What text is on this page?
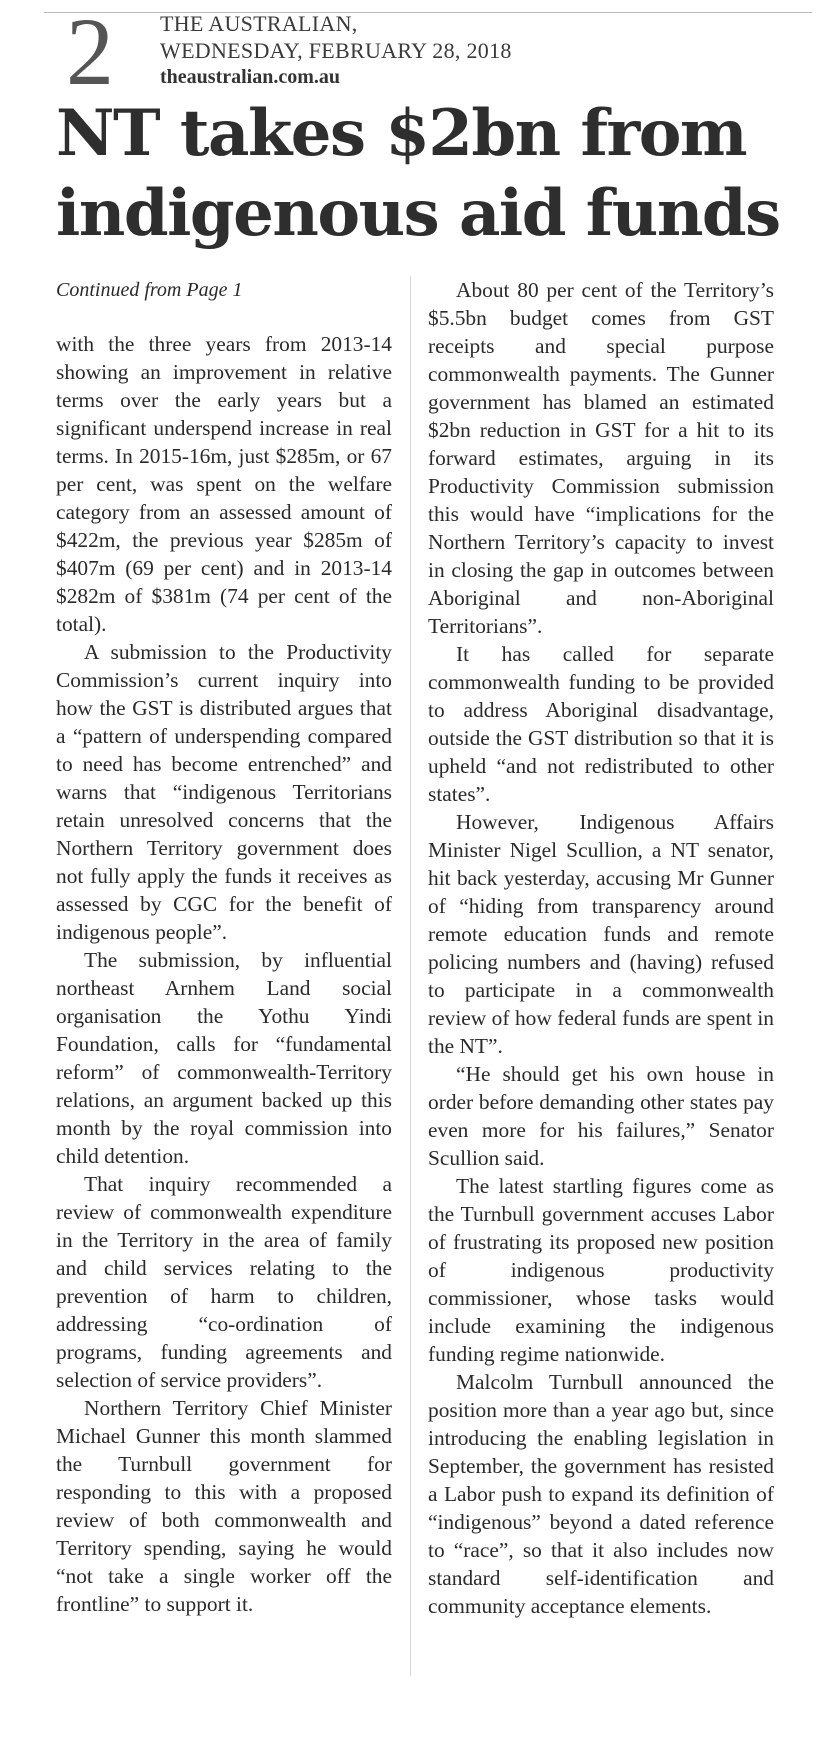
2 THE AUSTRALIAN,
WEDNESDAY, FEBRUARY 28, 2018
theaustralian.com.au
NT takes $2bn from indigenous aid funds
Continued from Page 1

with the three years from 2013-14 showing an improvement in relative terms over the early years but a significant underspend increase in real terms. In 2015-16m, just $285m, or 67 per cent, was spent on the welfare category from an assessed amount of $422m, the previous year $285m of $407m (69 per cent) and in 2013-14 $282m of $381m (74 per cent of the total).

A submission to the Productivity Commission’s current inquiry into how the GST is distributed argues that a “pattern of underspending compared to need has become entrenched” and warns that “indigenous Territorians retain unresolved concerns that the Northern Territory government does not fully apply the funds it receives as assessed by CGC for the benefit of indigenous people”.

The submission, by influential northeast Arnhem Land social organisation the Yothu Yindi Foundation, calls for “fundamental reform” of commonwealth-Territory relations, an argument backed up this month by the royal commission into child detention.

That inquiry recommended a review of commonwealth expenditure in the Territory in the area of family and child services relating to the prevention of harm to children, addressing “co-ordination of programs, funding agreements and selection of service providers”.

Northern Territory Chief Minister Michael Gunner this month slammed the Turnbull government for responding to this with a proposed review of both commonwealth and Territory spending, saying he would “not take a single worker off the frontline” to support it.

About 80 per cent of the Territory’s $5.5bn budget comes from GST receipts and special purpose commonwealth payments. The Gunner government has blamed an estimated $2bn reduction in GST for a hit to its forward estimates, arguing in its Productivity Commission submission this would have “implications for the Northern Territory’s capacity to invest in closing the gap in outcomes between Aboriginal and non-Aboriginal Territorians”.

It has called for separate commonwealth funding to be provided to address Aboriginal disadvantage, outside the GST distribution so that it is upheld “and not redistributed to other states”.

However, Indigenous Affairs Minister Nigel Scullion, a NT senator, hit back yesterday, accusing Mr Gunner of “hiding from transparency around remote education funds and remote policing numbers and (having) refused to participate in a commonwealth review of how federal funds are spent in the NT”.

“He should get his own house in order before demanding other states pay even more for his failures,” Senator Scullion said.

The latest startling figures come as the Turnbull government accuses Labor of frustrating its proposed new position of indigenous productivity commissioner, whose tasks would include examining the indigenous funding regime nationwide.

Malcolm Turnbull announced the position more than a year ago but, since introducing the enabling legislation in September, the government has resisted a Labor push to expand its definition of “indigenous” beyond a dated reference to “race”, so that it also includes now standard self-identification and community acceptance elements.
